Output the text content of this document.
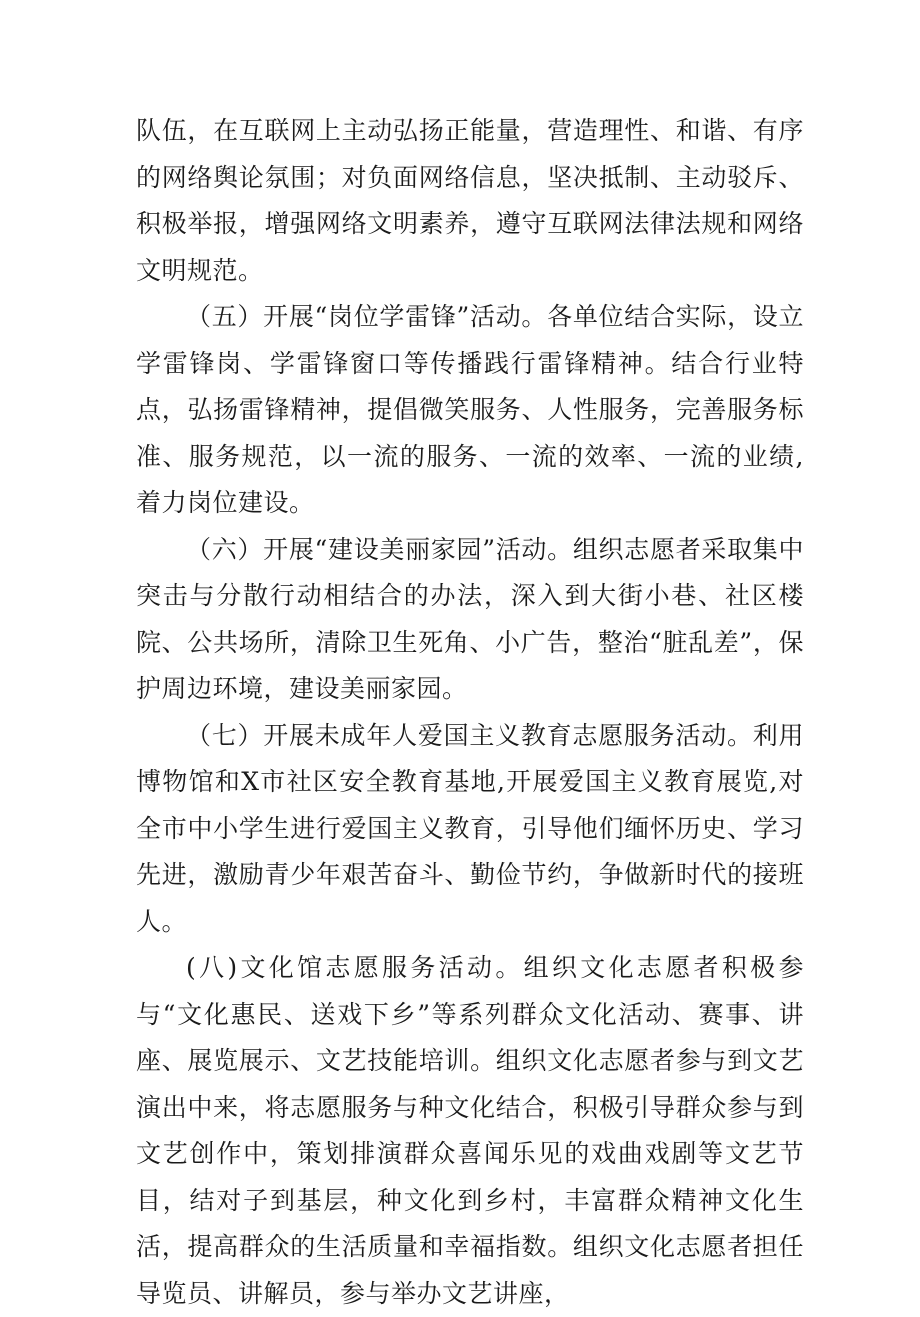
队伍，在互联网上主动弘扬正能量，营造理性、和谐、有序的网络舆论氛围；对负面网络信息，坚决抵制、主动驳斥、积极举报，增强网络文明素养，遵守互联网法律法规和网络文明规范。

（五）开展“岗位学雷锋”活动。各单位结合实际，设立学雷锋岗、学雷锋窗口等传播践行雷锋精神。结合行业特点，弘扬雷锋精神，提倡微笑服务、人性服务，完善服务标准、服务规范，以一流的服务、一流的效率、一流的业绩,着力岗位建设。

（六）开展“建设美丽家园”活动。组织志愿者采取集中突击与分散行动相结合的办法，深入到大街小巷、社区楼院、公共场所，清除卫生死角、小广告，整治“脏乱差”，保护周边环境，建设美丽家园。

（七）开展未成年人爱国主义教育志愿服务活动。利用博物馆和X市社区安全教育基地,开展爱国主义教育展览,对全市中小学生进行爱国主义教育，引导他们缅怀历史、学习先进，激励青少年艰苦奋斗、勤俭节约，争做新时代的接班人。

(八)文化馆志愿服务活动。组织文化志愿者积极参与“文化惠民、送戏下乡”等系列群众文化活动、赛事、讲座、展览展示、文艺技能培训。组织文化志愿者参与到文艺演出中来，将志愿服务与种文化结合，积极引导群众参与到文艺创作中，策划排演群众喜闻乐见的戏曲戏剧等文艺节目，结对子到基层，种文化到乡村，丰富群众精神文化生活，提高群众的生活质量和幸福指数。组织文化志愿者担任导览员、讲解员，参与举办文艺讲座，
